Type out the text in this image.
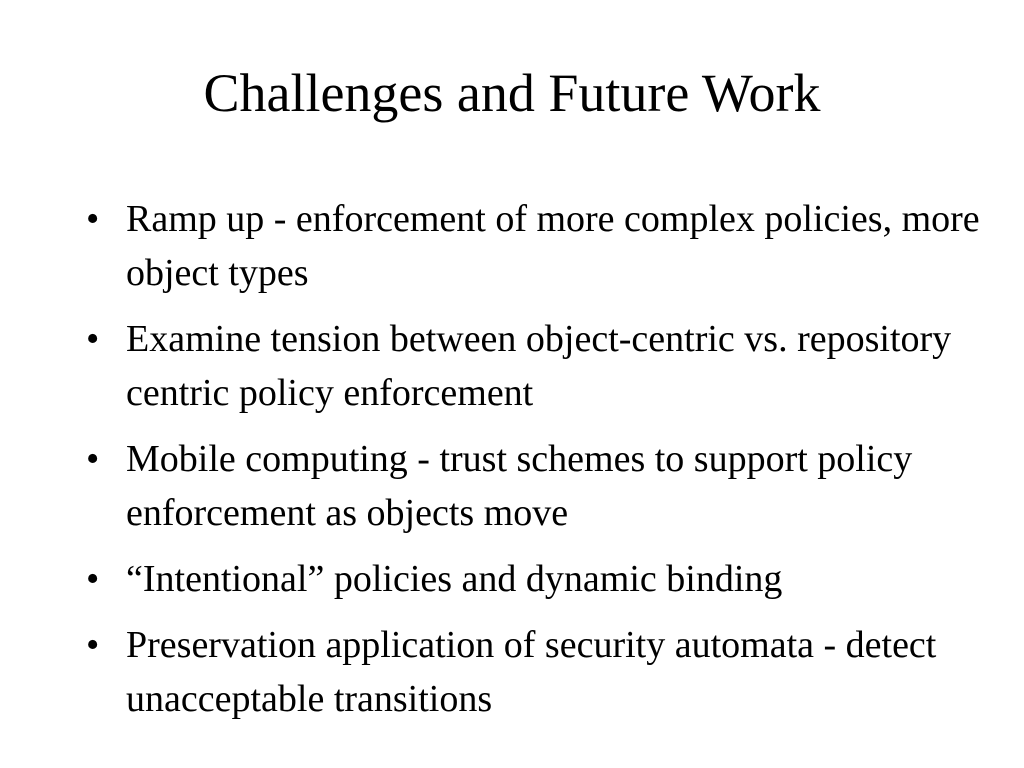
Challenges and Future Work
• Ramp up - enforcement of more complex policies, more object types
• Examine tension between object-centric vs. repository centric policy enforcement
• Mobile computing - trust schemes to support policy enforcement as objects move
• “Intentional” policies and dynamic binding
• Preservation application of security automata - detect unacceptable transitions
